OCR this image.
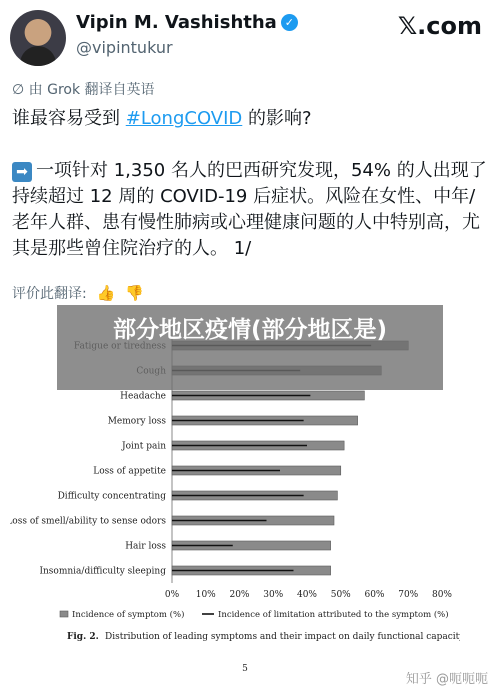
Vipin M. Vashishtha ✓
@vipintukur
𝕏.com
∅ 由 Grok 翻译自英语
谁最容易受到 #LongCOVID 的影响?
➡ 一项针对 1,350 名人的巴西研究发现，54% 的人出现了持续超过 12 周的 COVID-19 后症状。风险在女性、中年/老年人群、患有慢性肺病或心理健康问题的人中特别高，尤其是那些曾住院治疗的人。 1/
评价此翻译: 👍 👎
0% 10% 20% 30% 40% 50% 60% 70% 80%
Headache
Memory loss
Joint pain
Loss of appetite
Difficulty concentrating
Loss of smell/ability to sense odors
Hair loss
Insomnia/difficulty sleeping
Incidence of symptom (%)	Incidence of limitation attributed to the symptom (%)
Fig. 2. Distribution of leading symptoms and their impact on daily functional capacity.
5
部分地区疫情(部分地区是)
知乎 @呃呃呃
